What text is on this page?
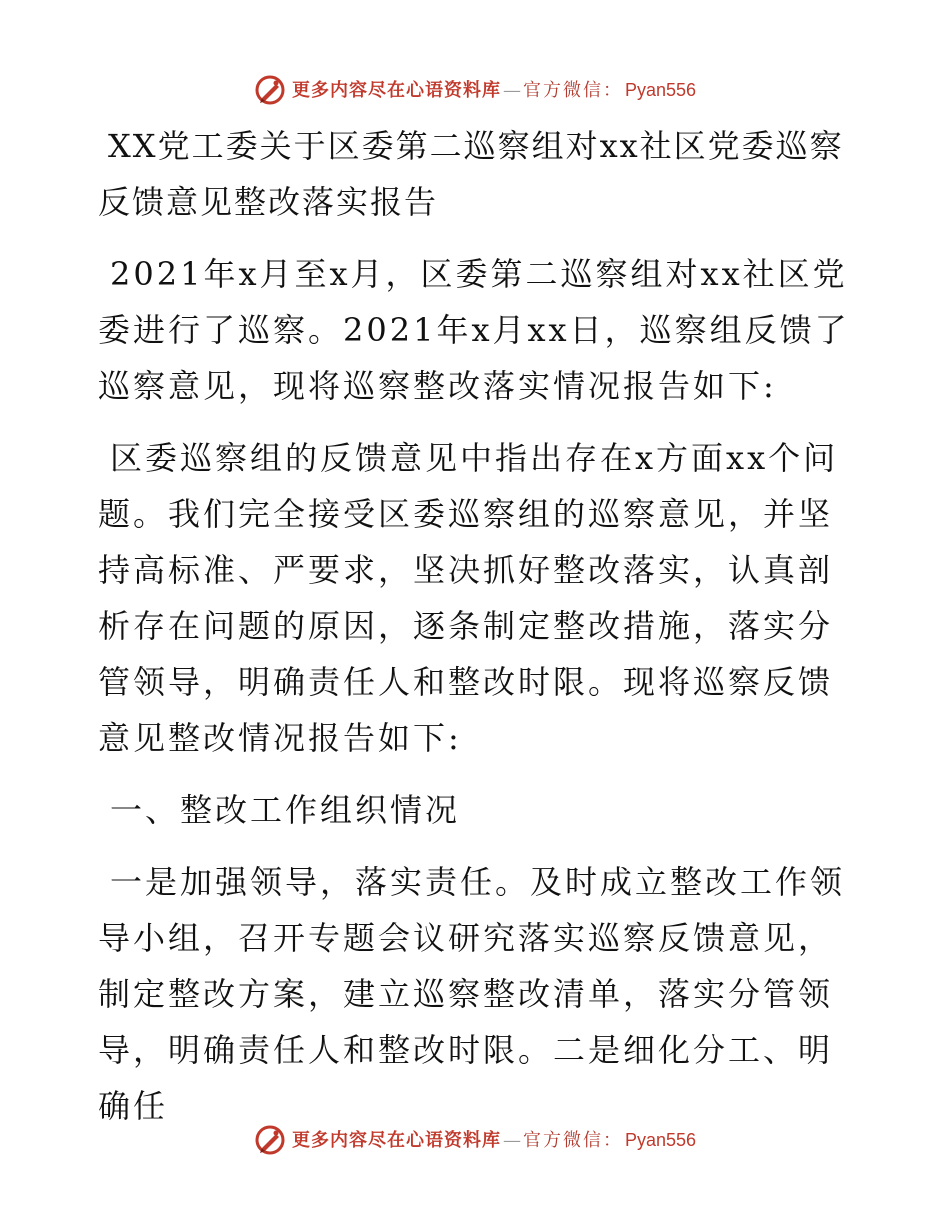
更多内容尽在心语资料库 — 官方微信： Pyan556

XX党工委关于区委第二巡察组对xx社区党委巡察反馈意见整改落实报告

2021年x月至x月，区委第二巡察组对xx社区党委进行了巡察。2021年x月xx日，巡察组反馈了巡察意见，现将巡察整改落实情况报告如下:

区委巡察组的反馈意见中指出存在x方面xx个问题。我们完全接受区委巡察组的巡察意见，并坚持高标准、严要求，坚决抓好整改落实，认真剖析存在问题的原因，逐条制定整改措施，落实分管领导，明确责任人和整改时限。现将巡察反馈意见整改情况报告如下:

一、整改工作组织情况

一是加强领导，落实责任。及时成立整改工作领导小组，召开专题会议研究落实巡察反馈意见，制定整改方案，建立巡察整改清单，落实分管领导，明确责任人和整改时限。二是细化分工、明确任

更多内容尽在心语资料库 — 官方微信： Pyan556
